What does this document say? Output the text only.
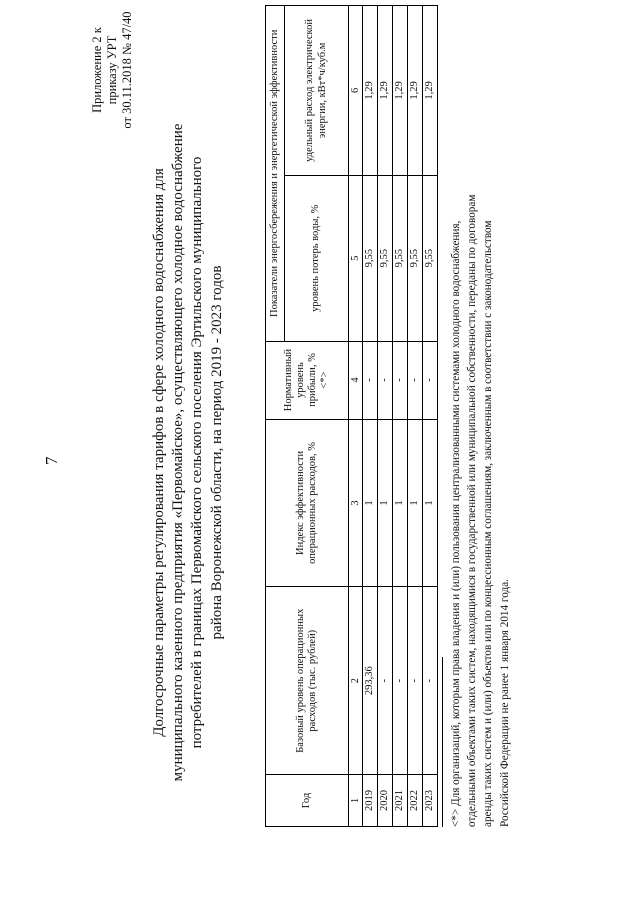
7
Приложение 2 к приказу УРТ от 30.11.2018 № 47/40
Долгосрочные параметры регулирования тарифов в сфере холодного водоснабжения для муниципального казенного предприятия «Первомайское», осуществляющего холодное водоснабжение потребителей в границах Первомайского сельского поселения Эртильского муниципального района Воронежской области, на период 2019 - 2023 годов
Год	Базовый уровень операционных расходов (тыс. рублей)	Индекс эффективности операционных расходов, %	Нормативный уровень прибыли, % <*>	Показатели энергосбережения и энергетической эффективности	
				уровень потерь воды, %	удельный расход электрической энергии, кВт*ч/куб.м
1	2	3	4	5	6
2019	293,36	1	-	9,55	1,29
2020	-	1	-	9,55	1,29
2021	-	1	-	9,55	1,29
2022	-	1	-	9,55	1,29
2023	-	1	-	9,55	1,29
<*> Для организаций, которым права владения и (или) пользования централизованными системами холодного водоснабжения, отдельными объектами таких систем, находящимися в государственной или муниципальной собственности, переданы по договорам аренды таких систем и (или) объектов или по концессионным соглашениям, заключенным в соответствии с законодательством Российской Федерации не ранее 1 января 2014 года.
